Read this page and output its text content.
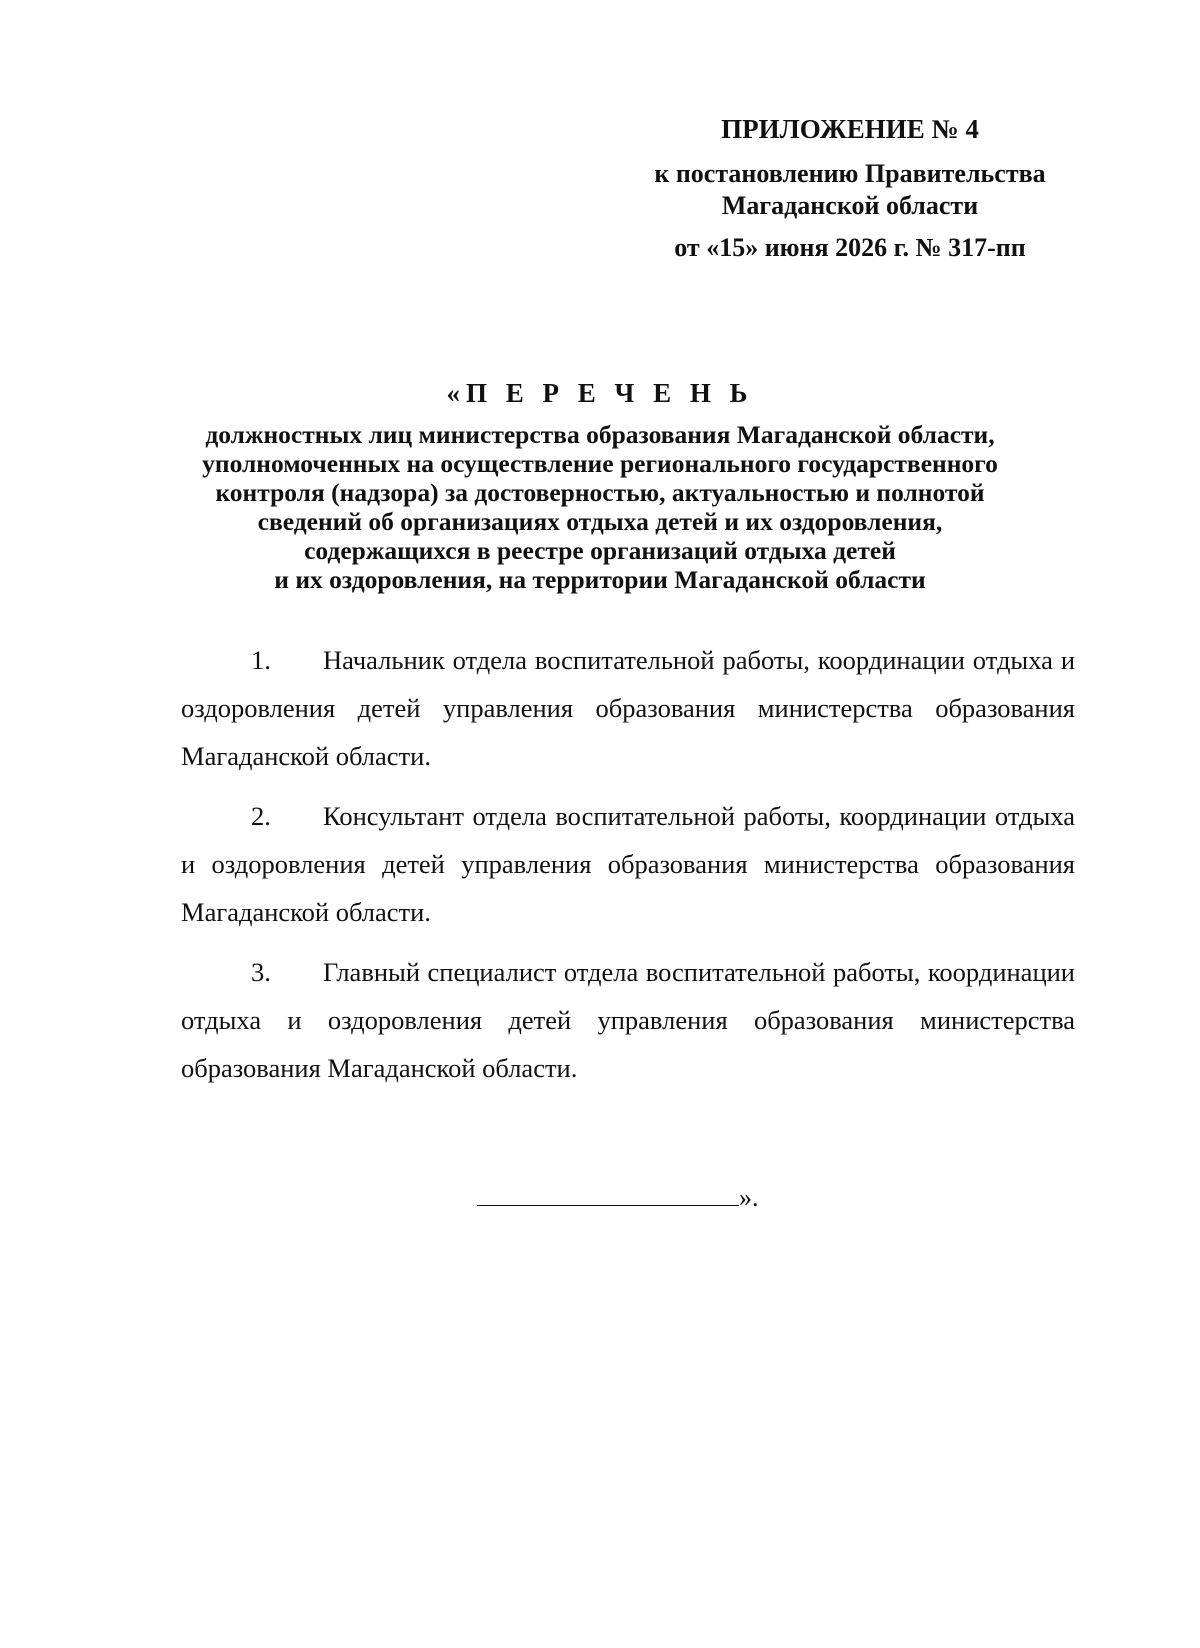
ПРИЛОЖЕНИЕ № 4
к постановлению Правительства
Магаданской области
от «15» июня 2026 г. № 317-пп
«П Е Р Е Ч Е Н Ь
должностных лиц министерства образования Магаданской области,
уполномоченных на осуществление регионального государственного
контроля (надзора) за достоверностью, актуальностью и полнотой
сведений об организациях отдыха детей и их оздоровления,
содержащихся в реестре организаций отдыха детей
и их оздоровления, на территории Магаданской области

1. Начальник отдела воспитательной работы, координации отдыха и оздоровления детей управления образования министерства образования Магаданской области.

2. Консультант отдела воспитательной работы, координации отдыха и оздоровления детей управления образования министерства образования Магаданской области.

3. Главный специалист отдела воспитательной работы, координации отдыха и оздоровления детей управления образования министерства образования Магаданской области.

».
